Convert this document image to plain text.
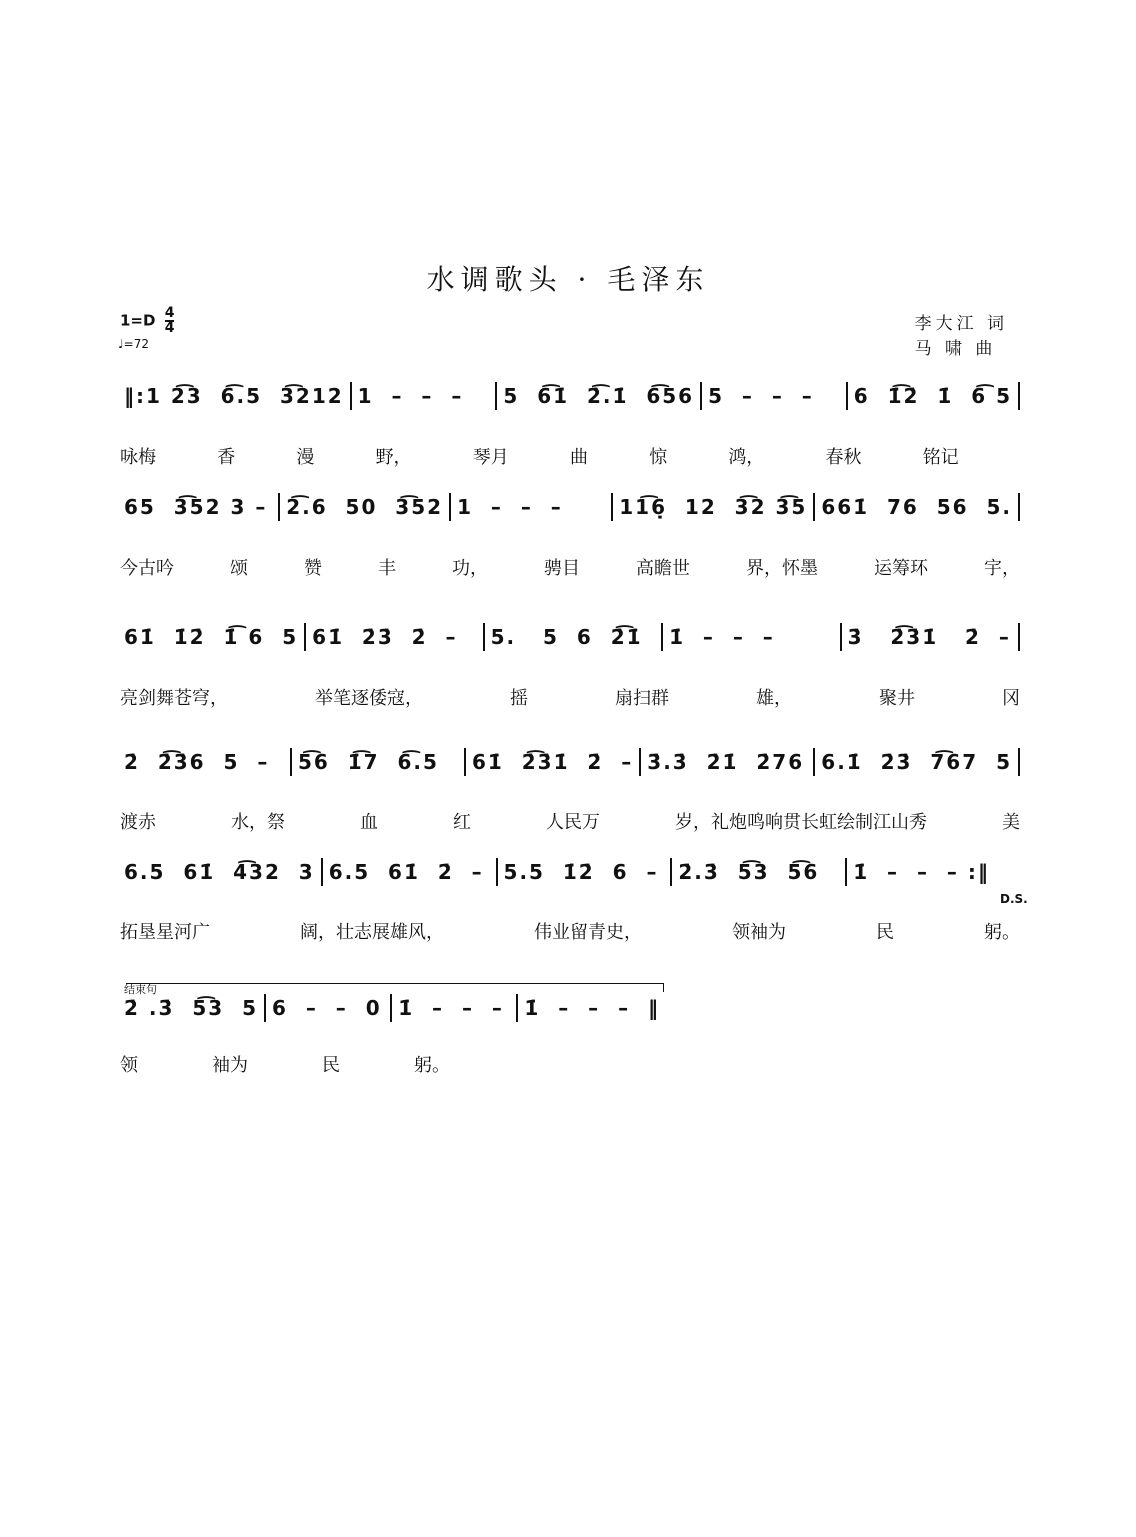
水调歌头 · 毛泽东
$1=D \frac{4}{4}$
♩=72
李大江 词
马 啸 曲
‖:1 2͡3  6͡.5  3͡212 1  –  –  –	5  6͡1̇  2̇͡.1̇  6͡56 5  –  –  –	6  1̇͡2̇  1̇  6͡ 5
咏梅	香	漫	野，	琴月	曲	惊	鸿，	春秋	铭记
65  3͡52 3 – 2͡.6  50  3͡52 1  –  –  –	11͡6̣  12  3͡2 3͡5 661̇  76  56  5.
今古吟	颂	赞	丰	功，	骋目	高瞻世	界，怀墨	运筹环	宇，
61̇  1̇2̇  1̇͡ 6  5 61̇  2̇3̇  2̇  –	5.   5  6  2̇͡1̇	1̇  –  –  –	3̇   2̇͡3̇1̇   2̇  –
亮剑舞苍穹，	举笔逐倭寇，	摇	扇扫群	雄，	聚井	冈
2̇  2̇͡3̇6  5  –	5͡6  1̇͡7  6͡.5	61̇  2̇͡3̇1̇  2̇  – 3̇.3̇  2̇1̇  2̇76 6.1̇  2̇3̇  7͡67  5
渡赤	水，祭	血	红	人民万	岁，礼炮鸣响贯长虹绘制江山秀	美
6.5  61̇  4͡32  3 6.5  61̇  2̇  – 5.5  1̇2̇  6  – 2̇.3̇  5͡3  5͡6	1̇  –  –  – :‖
拓垦星河广	阔，壮志展雄风，	伟业留青史，	领袖为	民	躬。
2̇ .3̇  5͡3  5 6  –  –  0 1̇  –  –  –	1̇  –  –  –  ‖
领	袖为	民	躬。
D.S.
结束句
